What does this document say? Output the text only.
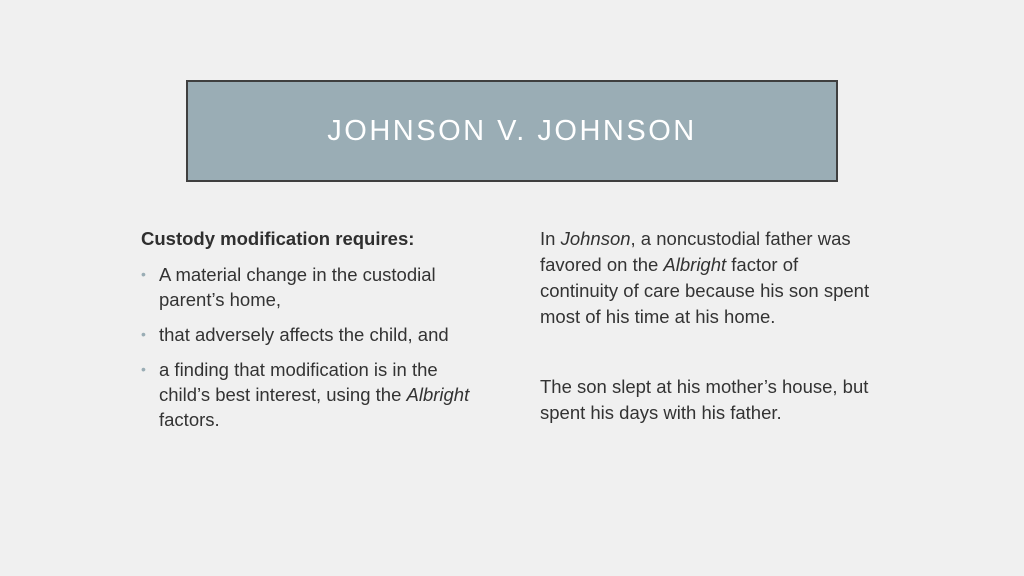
JOHNSON V. JOHNSON

Custody modification requires:

• A material change in the custodial parent’s home,
• that adversely affects the child, and
• a finding that modification is in the child’s best interest, using the Albright factors.

In Johnson, a noncustodial father was favored on the Albright factor of continuity of care because his son spent most of his time at his home.

The son slept at his mother’s house, but spent his days with his father.
